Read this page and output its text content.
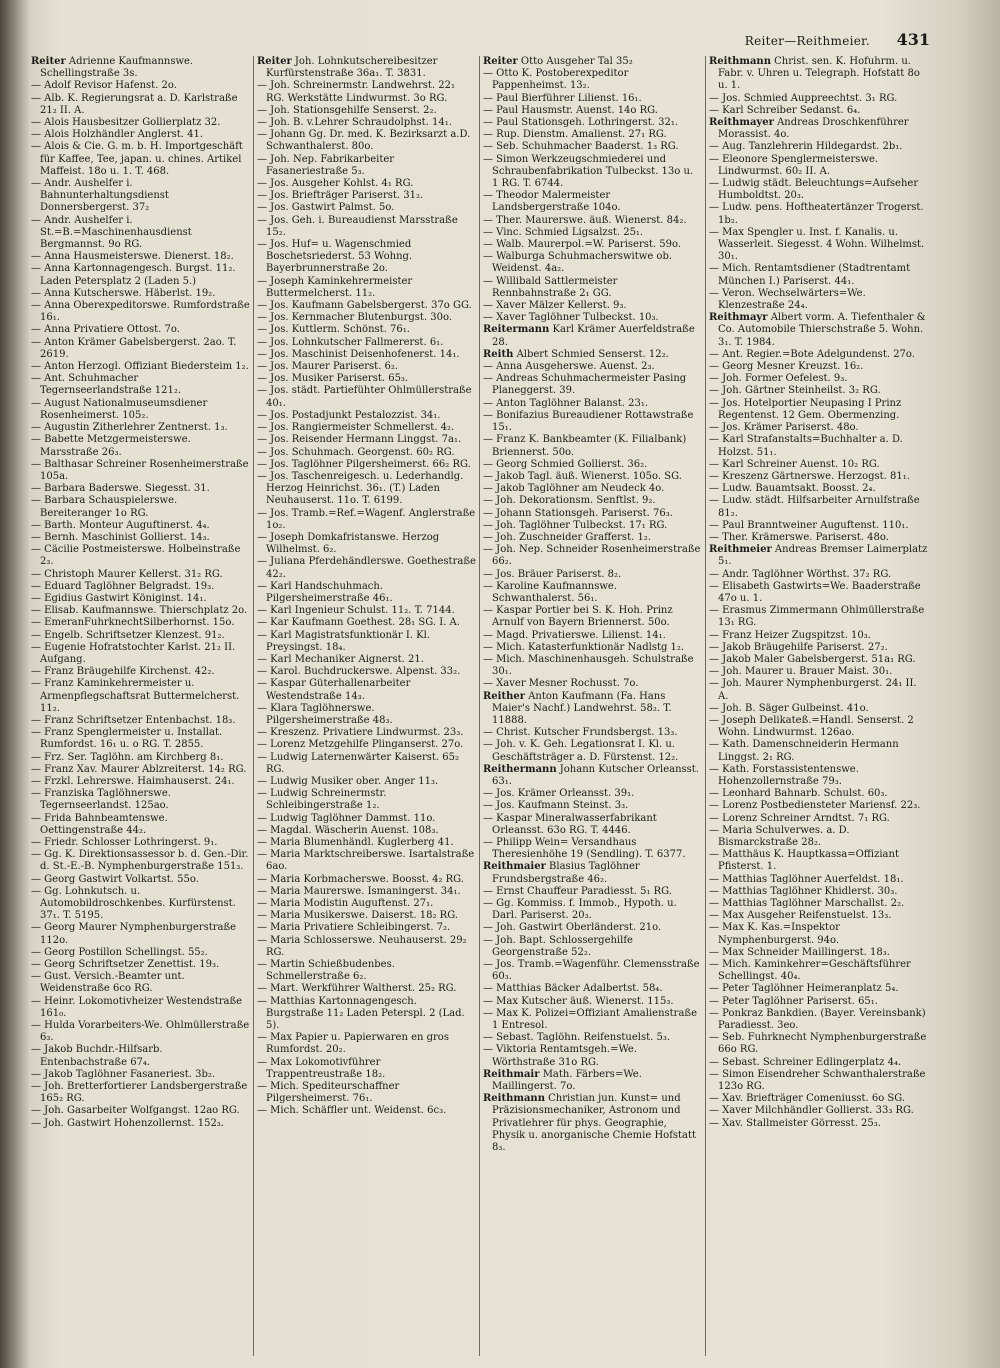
Reiter—Reithmeier. 431
Reiter Adrienne Kaufmannswe. Schellingstraße 3s.
— Adolf Revisor Hafenst. 2o.
— Alb. K. Regierungsrat a. D. Karlstraße 21₂ II. A.
— Alois Hausbesitzer Gollierplatz 32.
— Alois Holzhändler Anglerst. 41.
— Alois & Cie. G. m. b. H. Importgeschäft für Kaffee, Tee, japan. u. chines. Artikel Maffeist. 18o u. 1. T. 468.
— Andr. Aushelfer i. Bahnunterhaltungsdienst Donnersbergerst. 37₂
— Andr. Aushelfer i. St.=B.=Maschinenhausdienst Bergmannst. 9o RG.
— Anna Hausmeisterswe. Dienerst. 18₂.
— Anna Kartonnagengesch. Burgst. 11₂. Laden Petersplatz 2 (Laden 5.)
— Anna Kutscherswe. Häberlst. 19₂.
— Anna Oberexpeditorswe. Rumfordstraße 16₁.
— Anna Privatiere Ottost. 7o.
— Anton Krämer Gabelsbergerst. 2ao. T. 2619.
— Anton Herzogl. Offiziant Biedersteim 1₂.
— Ant. Schuhmacher Tegernseerlandstraße 121₂.
— August Nationalmuseumsdiener Rosenheimerst. 105₂.
— Augustin Zitherlehrer Zentnerst. 1₃.
— Babette Metzgermeisterswe. Marsstraße 26₃.
— Balthasar Schreiner Rosenheimerstraße 105a.
— Barbara Baderswe. Siegesst. 31.
— Barbara Schauspielerswe. Bereiteranger 1o RG.
— Barth. Monteur Auguftinerst. 4₄.
— Bernh. Maschinist Gollierst. 14₃.
— Cäcilie Postmeisterswe. Holbeinstraße 2₃.
— Christoph Maurer Kellerst. 31₂ RG.
— Eduard Taglöhner Belgradst. 19₃.
— Egidius Gastwirt Königinst. 14₁.
— Elisab. Kaufmannswe. Thierschplatz 2o.
— EmeranFuhrknechtSilberhornst. 15o.
— Engelb. Schriftsetzer Klenzest. 91₂.
— Eugenie Hofratstochter Karlst. 21₂ II. Aufgang.
— Franz Bräugehilfe Kirchenst. 42₂.
— Franz Kaminkehrermeister u. Armenpflegschaftsrat Buttermelcherst. 11₂.
— Franz Schriftsetzer Entenbachst. 18₃.
— Franz Spenglermeister u. Installat. Rumfordst. 16₁ u. o RG. T. 2855.
— Frz. Ser. Taglöhn. am Kirchberg 8₁.
— Franz Xav. Maurer Ablzreiterst. 14₂ RG.
— Frzkl. Lehrerswe. Haimhauserst. 24₁.
— Franziska Taglöhnerswe. Tegernseerlandst. 125ao.
— Frida Bahnbeamtenswe. Oettingenstraße 44₂.
— Friedr. Schlosser Lothringerst. 9₁.
— Gg. K. Direktionsassessor b. d. Gen.-Dir. d. St.-E.-B. Nymphenburgerstraße 151₃.
— Georg Gastwirt Volkartst. 55o.
— Gg. Lohnkutsch. u. Automobildroschkenbes. Kurfürstenst. 37₁. T. 5195.
— Georg Maurer Nymphenburgerstraße 112o.
— Georg Postillon Schellingst. 55₂.
— Georg Schriftsetzer Zenettist. 19₃.
— Gust. Versich.-Beamter unt. Weidenstraße 6co RG.
— Heinr. Lokomotivheizer Westendstraße 161₀.
— Hulda Vorarbeiters-We. Ohlmüllerstraße 6₃.
— Jakob Buchdr.-Hilfsarb. Entenbachstraße 67₄.
— Jakob Taglöhner Fasaneriest. 3b₂.
— Joh. Bretterfortierer Landsbergerstraße 165₂ RG.
— Joh. Gasarbeiter Wolfgangst. 12ao RG.
— Joh. Gastwirt Hohenzollernst. 152₃.
Reiter Joh. Lohnkutschereibesitzer Kurfürstenstraße 36a₁. T. 3831.
— Joh. Schreinermstr. Landwehrst. 22₁ RG. Werkstätte Lindwurmst. 3o RG.
— Joh. Stationsgehilfe Senserst. 2₂.
— Joh. B. v.Lehrer Schraudolphst. 14₁.
— Johann Gg. Dr. med. K. Bezirksarzt a.D. Schwanthalerst. 80o.
— Joh. Nep. Fabrikarbeiter Fasaneriestraße 5₃.
— Jos. Ausgeher Kohlst. 4₁ RG.
— Jos. Briefträger Pariserst. 31₂.
— Jos. Gastwirt Palmst. 5o.
— Jos. Geh. i. Bureaudienst Marsstraße 15₂.
— Jos. Huf= u. Wagenschmied Boschetsriederst. 53 Wohng. Bayerbrunnerstraße 2o.
— Joseph Kaminkehrermeister Buttermelcherst. 11₂.
— Jos. Kaufmann Gabelsbergerst. 37o GG.
— Jos. Kernmacher Blutenburgst. 30o.
— Jos. Kuttlerm. Schönst. 76₁.
— Jos. Lohnkutscher Fallmererst. 6₁.
— Jos. Maschinist Deisenhofenerst. 14₁.
— Jos. Maurer Pariserst. 6₂.
— Jos. Musiker Pariserst. 65₃.
— Jos. städt. Partiefühter Ohlmüllerstraße 40₁.
— Jos. Postadjunkt Pestalozzist. 34₁.
— Jos. Rangiermeister Schmellerst. 4₂.
— Jos. Reisender Hermann Linggst. 7a₁.
— Jos. Schuhmach. Georgenst. 60₂ RG.
— Jos. Taglöhner Pilgersheimerst. 66₂ RG.
— Jos. Taschenreigesch. u. Lederhandlg. Herzog Heinrichst. 36₁. (T.) Laden Neuhauserst. 11o. T. 6199.
— Jos. Tramb.=Ref.=Wagenf. Anglerstraße 1o₂.
— Joseph Domkafristanswe. Herzog Wilhelmst. 6₂.
— Juliana Pferdehändlerswe. Goethestraße 42₂.
— Karl Handschuhmach. Pilgersheimerstraße 46₁.
— Karl Ingenieur Schulst. 11₂. T. 7144.
— Kar Kaufmann Goethest. 28₁ SG. I. A.
— Karl Magistratsfunktionär I. Kl. Preysingst. 18₄.
— Karl Mechaniker Aignerst. 21.
— Karol. Buchdruckerswe. Alpenst. 33₂.
— Kaspar Güterhallenarbeiter Westendstraße 14₃.
— Klara Taglöhnerswe. Pilgersheimerstraße 48₃.
— Kreszenz. Privatiere Lindwurmst. 23₃.
— Lorenz Metzgehilfe Plinganserst. 27o.
— Ludwig Laternenwärter Kaiserst. 65₂ RG.
— Ludwig Musiker ober. Anger 11₃.
— Ludwig Schreinermstr. Schleibingerstraße 1₂.
— Ludwig Taglöhner Dammst. 11o.
— Magdal. Wäscherin Auenst. 108₃.
— Maria Blumenhändl. Kuglerberg 41.
— Maria Marktschreiberswe. Isartalstraße 6ao.
— Maria Korbmacherswe. Boosst. 4₂ RG.
— Maria Maurerswe. Ismaningerst. 34₁.
— Maria Modistin Auguftenst. 27₁.
— Maria Musikerswe. Daiserst. 18₂ RG.
— Maria Privatiere Schleibingerst. 7₂.
— Maria Schlosserswe. Neuhauserst. 29₂ RG.
— Martin Schießbudenbes. Schmellerstraße 6₂.
— Mart. Werkführer Waltherst. 25₂ RG.
— Matthias Kartonnagengesch. Burgstraße 11₂ Laden Peterspl. 2 (Lad. 5).
— Max Papier u. Papierwaren en gros Rumfordst. 20₂.
— Max Lokomotivführer Trappentreustraße 18₂.
— Mich. Spediteurschaffner Pilgersheimerst. 76₁.
— Mich. Schäffler unt. Weidenst. 6c₃.
Reiter Otto Ausgeher Tal 35₂
— Otto K. Postoberexpeditor Pappenheimst. 13₂.
— Paul Bierführer Lilienst. 16₁.
— Paul Hausmstr. Auenst. 14o RG.
— Paul Stationsgeh. Lothringerst. 32₁.
— Rup. Dienstm. Amalienst. 27₁ RG.
— Seb. Schuhmacher Baaderst. 1₃ RG.
— Simon Werkzeugschmiederei und Schraubenfabrikation Tulbeckst. 13o u. 1 RG. T. 6744.
— Theodor Malermeister Landsbergerstraße 104o.
— Ther. Maurerswe. äuß. Wienerst. 84₂.
— Vinc. Schmied Ligsalzst. 25₁.
— Walb. Maurerpol.=W. Pariserst. 59o.
— Walburga Schuhmacherswitwe ob. Weidenst. 4a₂.
— Willibald Sattlermeister Rennbahnstraße 2₁ GG.
— Xaver Mälzer Kellerst. 9₃.
— Xaver Taglöhner Tulbeckst. 10₃.
Reitermann Karl Krämer Auerfeldstraße 28.
Reith Albert Schmied Senserst. 12₂.
— Anna Ausgeherswe. Auenst. 2₃.
— Andreas Schuhmachermeister Pasing Planeggerst. 39.
— Anton Taglöhner Balanst. 23₁.
— Bonifazius Bureaudiener Rottawstraße 15₁.
— Franz K. Bankbeamter (K. Filialbank) Briennerst. 50o.
— Georg Schmied Gollierst. 36₂.
— Jakob Tagl. äuß. Wienerst. 105o. SG.
— Jakob Taglöhner am Neudeck 4o.
— Joh. Dekorationsm. Senftlst. 9₂.
— Johann Stationsgeh. Pariserst. 76₃.
— Joh. Taglöhner Tulbeckst. 17₁ RG.
— Joh. Zuschneider Grafferst. 1₂.
— Joh. Nep. Schneider Rosenheimerstraße 66₂.
— Jos. Bräuer Pariserst. 8₂.
— Karoline Kaufmannswe. Schwanthalerst. 56₁.
— Kaspar Portier bei S. K. Hoh. Prinz Arnulf von Bayern Briennerst. 50o.
— Magd. Privatierswe. Lilienst. 14₁.
— Mich. Katasterfunktionär Nadlstg 1₂.
— Mich. Maschinenhausgeh. Schulstraße 30₁.
— Xaver Mesner Rochusst. 7o.
Reither Anton Kaufmann (Fa. Hans Maier's Nachf.) Landwehrst. 58₂. T. 11888.
— Christ. Kutscher Frundsbergst. 13₃.
— Joh. v. K. Geh. Legationsrat I. Kl. u. Geschäftsträger a. D. Fürstenst. 12₂.
Reithermann Johann Kutscher Orleansst. 63₁.
— Jos. Krämer Orleansst. 39₁.
— Jos. Kaufmann Steinst. 3₃.
— Kaspar Mineralwasserfabrikant Orleansst. 63o RG. T. 4446.
— Philipp Wein= Versandhaus Theresienhöhe 19 (Sendling). T. 6377.
Reithmaier Blasius Taglöhner Frundsbergstraße 46₂.
— Ernst Chauffeur Paradiesst. 5₁ RG.
— Gg. Kommiss. f. Immob., Hypoth. u. Darl. Pariserst. 20₃.
— Joh. Gastwirt Oberländerst. 21o.
— Joh. Bapt. Schlossergehilfe Georgenstraße 52₂.
— Jos. Tramb.=Wagenführ. Clemensstraße 60₃.
— Matthias Bäcker Adalbertst. 58₄.
— Max Kutscher äuß. Wienerst. 115₃.
— Max K. Polizei=Offiziant Amalienstraße 1 Entresol.
— Sebast. Taglöhn. Reifenstuelst. 5₃.
— Viktoria Rentamtsgeh.=We. Wörthstraße 31o RG.
Reithmair Math. Färbers=We. Maillingerst. 7o.
Reithmann Christian jun. Kunst= und Präzisionsmechaniker, Astronom und Privatlehrer für phys. Geographie, Physik u. anorganische Chemie Hofstatt 8₃.
Reithmann Christ. sen. K. Hofuhrm. u. Fabr. v. Uhren u. Telegraph. Hofstatt 8o u. 1.
— Jos. Schmied Auppreechtst. 3₁ RG.
— Karl Schreiber Sedanst. 6₄.
Reithmayer Andreas Droschkenführer Morassist. 4o.
— Aug. Tanzlehrerin Hildegardst. 2b₁.
— Eleonore Spenglermeisterswe. Lindwurmst. 60₂ II. A.
— Ludwig städt. Beleuchtungs=Aufseher Humboldtst. 20₃.
— Ludw. pens. Hoftheatertänzer Trogerst. 1b₂.
— Max Spengler u. Inst. f. Kanalis. u. Wasserleit. Siegesst. 4 Wohn. Wilhelmst. 30₁.
— Mich. Rentamtsdiener (Stadtrentamt München I.) Pariserst. 44₁.
— Veron. Wechselwärters=We. Klenzestraße 24₄.
Reithmayr Albert vorm. A. Tiefenthaler & Co. Automobile Thierschstraße 5. Wohn. 3₁. T. 1984.
— Ant. Regier.=Bote Adelgundenst. 27o.
— Georg Mesner Kreuzst. 16₂.
— Joh. Former Oefelest. 9₃.
— Joh. Gärtner Steinheilst. 3₂ RG.
— Jos. Hotelportier Neupasing I Prinz Regentenst. 12 Gem. Obermenzing.
— Jos. Krämer Pariserst. 48o.
— Karl Strafanstalts=Buchhalter a. D. Holzst. 51₁.
— Karl Schreiner Auenst. 10₂ RG.
— Kreszenz Gärtnerswe. Herzogst. 81₁.
— Ludw. Bauamtsakt. Boosst. 2₄.
— Ludw. städt. Hilfsarbeiter Arnulfstraße 81₂.
— Paul Branntweiner Auguftenst. 110₁.
— Ther. Krämerswe. Pariserst. 48o.
Reithmeier Andreas Bremser Laimerplatz 5₁.
— Andr. Taglöhner Wörthst. 37₂ RG.
— Elisabeth Gastwirts=We. Baaderstraße 47o u. 1.
— Erasmus Zimmermann Ohlmüllerstraße 13₁ RG.
— Franz Heizer Zugspitzst. 10₃.
— Jakob Bräugehilfe Pariserst. 27₂.
— Jakob Maler Gabelsbergerst. 51a₁ RG.
— Joh. Maurer u. Brauer Maist. 30₁.
— Joh. Maurer Nymphenburgerst. 24₁ II. A.
— Joh. B. Säger Gulbeinst. 41o.
— Joseph Delikateß.=Handl. Senserst. 2 Wohn. Lindwurmst. 126ao.
— Kath. Damenschneiderin Hermann Linggst. 2₁ RG.
— Kath. Forstassistentenswe. Hohenzollernstraße 79₃.
— Leonhard Bahnarb. Schulst. 60₃.
— Lorenz Postbediensteter Mariensf. 22₃.
— Lorenz Schreiner Arndtst. 7₁ RG.
— Maria Schulverwes. a. D. Bismarckstraße 28₂.
— Matthäus K. Hauptkassa=Offiziant Pfisterst. 1.
— Matthias Taglöhner Auerfeldst. 18₁.
— Matthias Taglöhner Khidlerst. 30₃.
— Matthias Taglöhner Marschallst. 2₂.
— Max Ausgeher Reifenstuelst. 13₃.
— Max K. Kas.=Inspektor Nymphenburgerst. 94o.
— Max Schneider Maillingerst. 18₃.
— Mich. Kaminkehrer=Geschäftsführer Schellingst. 40₄.
— Peter Taglöhner Heimeranplatz 5₄.
— Peter Taglöhner Pariserst. 65₁.
— Ponkraz Bankdien. (Bayer. Vereinsbank) Paradiesst. 3eo.
— Seb. Fuhrknecht Nymphenburgerstraße 66o RG.
— Sebast. Schreiner Edlingerplatz 4₄.
— Simon Eisendreher Schwanthalerstraße 123o RG.
— Xav. Briefträger Comeniusst. 6o SG.
— Xaver Milchhändler Gollierst. 33₃ RG.
— Xav. Stallmeister Görresst. 25₃.
